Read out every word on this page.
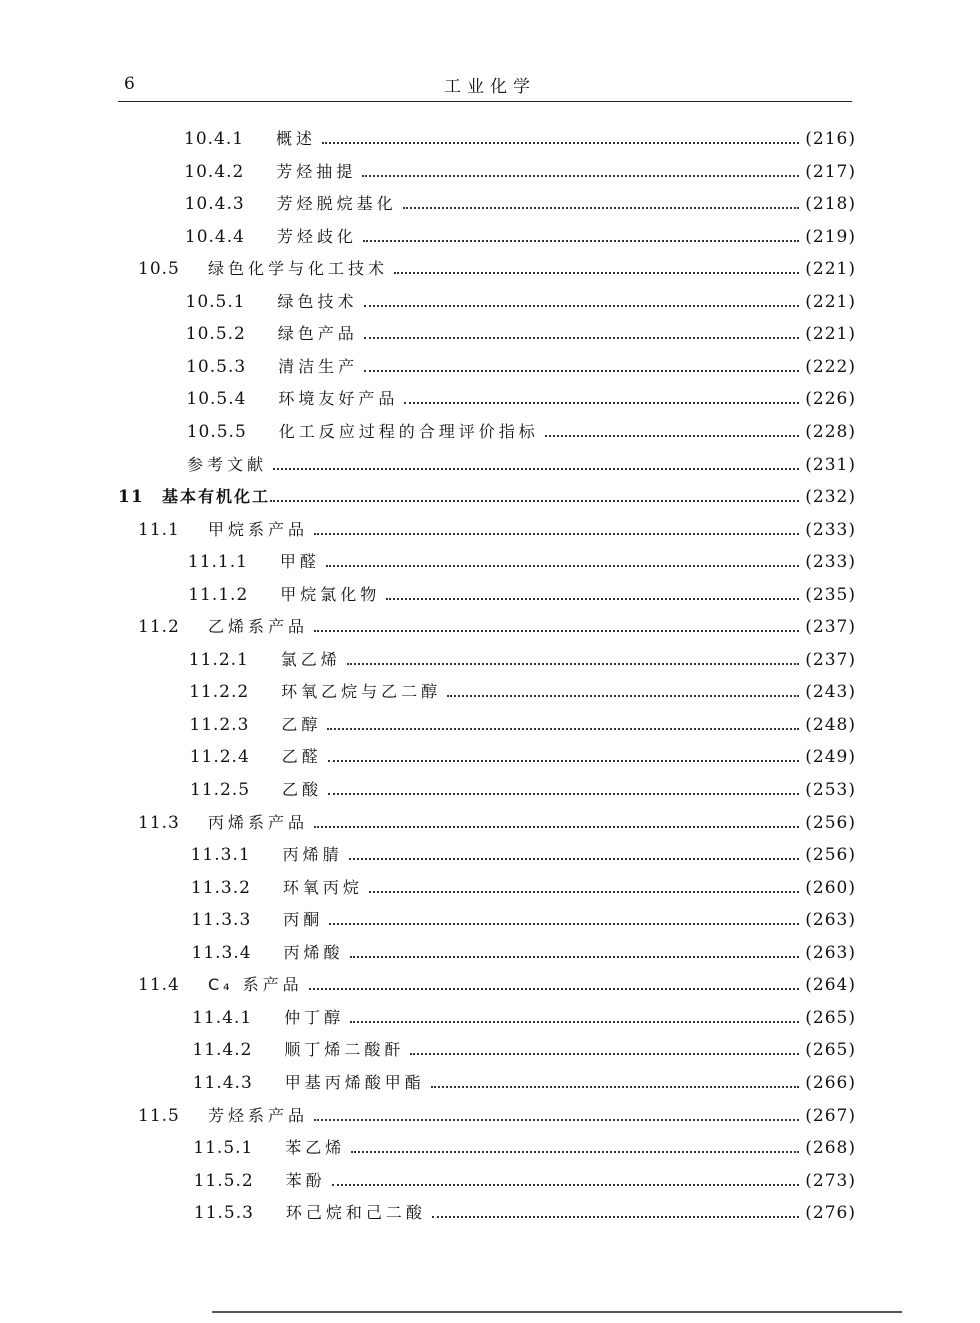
6	工业化学
10.4.1	概述	(216)
10.4.2	芳烃抽提	(217)
10.4.3	芳烃脱烷基化	(218)
10.4.4	芳烃歧化	(219)
10.5	绿色化学与化工技术	(221)
10.5.1	绿色技术	(221)
10.5.2	绿色产品	(221)
10.5.3	清洁生产	(222)
10.5.4	环境友好产品	(226)
10.5.5	化工反应过程的合理评价指标	(228)
参考文献	(231)
11	基本有机化工	(232)
11.1	甲烷系产品	(233)
11.1.1	甲醛	(233)
11.1.2	甲烷氯化物	(235)
11.2	乙烯系产品	(237)
11.2.1	氯乙烯	(237)
11.2.2	环氧乙烷与乙二醇	(243)
11.2.3	乙醇	(248)
11.2.4	乙醛	(249)
11.2.5	乙酸	(253)
11.3	丙烯系产品	(256)
11.3.1	丙烯腈	(256)
11.3.2	环氧丙烷	(260)
11.3.3	丙酮	(263)
11.3.4	丙烯酸	(263)
11.4	C₄ 系产品	(264)
11.4.1	仲丁醇	(265)
11.4.2	顺丁烯二酸酐	(265)
11.4.3	甲基丙烯酸甲酯	(266)
11.5	芳烃系产品	(267)
11.5.1	苯乙烯	(268)
11.5.2	苯酚	(273)
11.5.3	环己烷和己二酸	(276)
